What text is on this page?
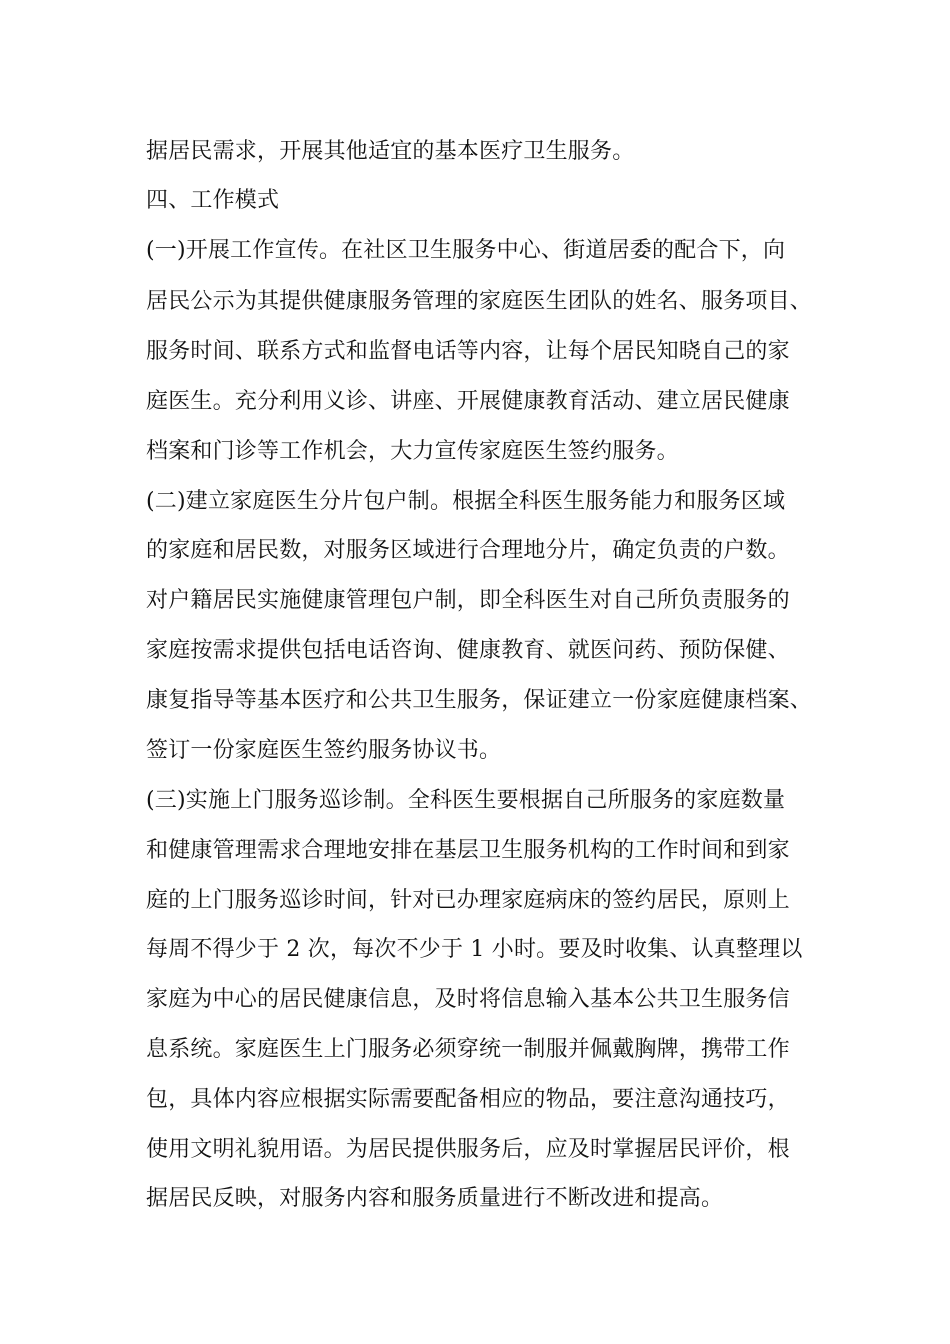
据居民需求，开展其他适宜的基本医疗卫生服务。
四、工作模式
(一)开展工作宣传。在社区卫生服务中心、街道居委的配合下，向
居民公示为其提供健康服务管理的家庭医生团队的姓名、服务项目、
服务时间、联系方式和监督电话等内容，让每个居民知晓自己的家
庭医生。充分利用义诊、讲座、开展健康教育活动、建立居民健康
档案和门诊等工作机会，大力宣传家庭医生签约服务。
(二)建立家庭医生分片包户制。根据全科医生服务能力和服务区域
的家庭和居民数，对服务区域进行合理地分片，确定负责的户数。
对户籍居民实施健康管理包户制，即全科医生对自己所负责服务的
家庭按需求提供包括电话咨询、健康教育、就医问药、预防保健、
康复指导等基本医疗和公共卫生服务，保证建立一份家庭健康档案、
签订一份家庭医生签约服务协议书。
(三)实施上门服务巡诊制。全科医生要根据自己所服务的家庭数量
和健康管理需求合理地安排在基层卫生服务机构的工作时间和到家
庭的上门服务巡诊时间，针对已办理家庭病床的签约居民，原则上
每周不得少于 2 次，每次不少于 1 小时。要及时收集、认真整理以
家庭为中心的居民健康信息，及时将信息输入基本公共卫生服务信
息系统。家庭医生上门服务必须穿统一制服并佩戴胸牌，携带工作
包，具体内容应根据实际需要配备相应的物品，要注意沟通技巧，
使用文明礼貌用语。为居民提供服务后，应及时掌握居民评价，根
据居民反映，对服务内容和服务质量进行不断改进和提高。
